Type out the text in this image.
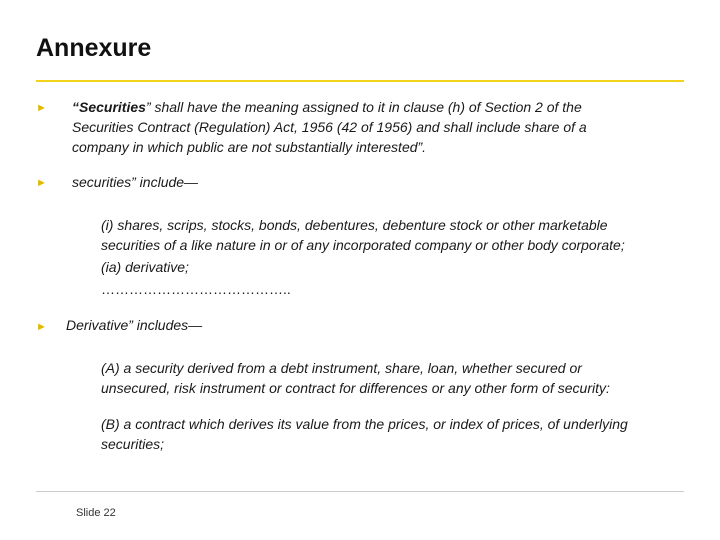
Annexure
► “Securities” shall have the meaning assigned to it in clause (h) of Section 2 of the
Securities Contract (Regulation) Act, 1956 (42 of 1956) and shall include share of a
company in which public are not substantially interested”.
► securities” include—
(i) shares, scrips, stocks, bonds, debentures, debenture stock or other marketable
securities of a like nature in or of any incorporated company or other body corporate;
(ia) derivative;
…………………………………..
► Derivative” includes—
(A) a security derived from a debt instrument, share, loan, whether secured or
unsecured, risk instrument or contract for differences or any other form of security:
(B) a contract which derives its value from the prices, or index of prices, of underlying
securities;
Slide 22
